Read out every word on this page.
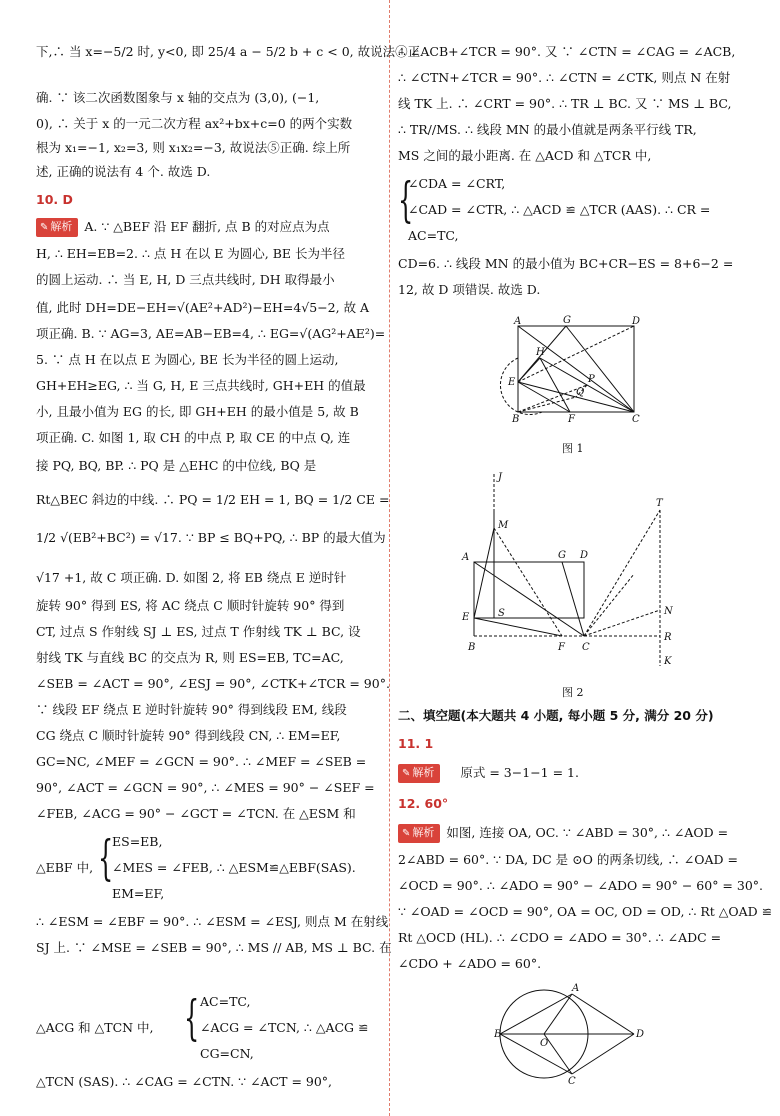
下,∴ 当 x=−5/2 时, y<0, 即 25/4 a − 5/2 b + c < 0, 故说法④正
确. ∵ 该二次函数图象与 x 轴的交点为 (3,0), (−1,
0), ∴ 关于 x 的一元二次方程 ax²+bx+c=0 的两个实数
根为 x₁=−1, x₂=3, 则 x₁x₂=−3, 故说法⑤正确. 综上所
述, 正确的说法有 4 个. 故选 D.
10. D
✎ 解析 A. ∵ △BEF 沿 EF 翻折, 点 B 的对应点为点
H, ∴ EH=EB=2. ∴ 点 H 在以 E 为圆心, BE 长为半径
的圆上运动. ∴ 当 E, H, D 三点共线时, DH 取得最小
值, 此时 DH=DE−EH=√(AE²+AD²)−EH=4√5−2, 故 A
项正确. B. ∵ AG=3, AE=AB−EB=4, ∴ EG=√(AG²+AE²)=
5. ∵ 点 H 在以点 E 为圆心, BE 长为半径的圆上运动,
GH+EH≥EG, ∴ 当 G, H, E 三点共线时, GH+EH 的值最
小, 且最小值为 EG 的长, 即 GH+EH 的最小值是 5, 故 B
项正确. C. 如图 1, 取 CH 的中点 P, 取 CE 的中点 Q, 连
接 PQ, BQ, BP. ∴ PQ 是 △EHC 的中位线, BQ 是
Rt△BEC 斜边的中线. ∴ PQ = 1/2 EH = 1, BQ = 1/2 CE =
1/2 √(EB²+BC²) = √17. ∵ BP ≤ BQ+PQ, ∴ BP 的最大值为
√17 +1, 故 C 项正确. D. 如图 2, 将 EB 绕点 E 逆时针
旋转 90° 得到 ES, 将 AC 绕点 C 顺时针旋转 90° 得到
CT, 过点 S 作射线 SJ ⊥ ES, 过点 T 作射线 TK ⊥ BC, 设
射线 TK 与直线 BC 的交点为 R, 则 ES=EB, TC=AC,
∠SEB = ∠ACT = 90°, ∠ESJ = 90°, ∠CTK+∠TCR = 90°.
∵ 线段 EF 绕点 E 逆时针旋转 90° 得到线段 EM, 线段
CG 绕点 C 顺时针旋转 90° 得到线段 CN, ∴ EM=EF,
GC=NC, ∠MEF = ∠GCN = 90°. ∴ ∠MEF = ∠SEB =
90°, ∠ACT = ∠GCN = 90°, ∴ ∠MES = 90° − ∠SEF =
∠FEB, ∠ACG = 90° − ∠GCT = ∠TCN. 在 △ESM 和
△EBF 中, {
ES=EB,
∠MES = ∠FEB, ∴ △ESM≌△EBF(SAS).
EM=EF,
∴ ∠ESM = ∠EBF = 90°. ∴ ∠ESM = ∠ESJ, 则点 M 在射线
SJ 上. ∵ ∠MSE = ∠SEB = 90°, ∴ MS // AB, MS ⊥ BC. 在
△ACG 和 △TCN 中, { AC=TC,
∠ACG = ∠TCN, ∴ △ACG ≌
CG=CN,
△TCN (SAS). ∴ ∠CAG = ∠CTN. ∵ ∠ACT = 90°,
∴ ∠ACB+∠TCR = 90°. 又 ∵ ∠CTN = ∠CAG = ∠ACB,
∴ ∠CTN+∠TCR = 90°. ∴ ∠CTN = ∠CTK, 则点 N 在射
线 TK 上. ∴ ∠CRT = 90°. ∴ TR ⊥ BC. 又 ∵ MS ⊥ BC,
∴ TR//MS. ∴ 线段 MN 的最小值就是两条平行线 TR,
MS 之间的最小距离. 在 △ACD 和 △TCR 中,
{
∠CDA = ∠CRT,
∠CAD = ∠CTR, ∴ △ACD ≌ △TCR (AAS). ∴ CR =
AC=TC,
CD=6. ∴ 线段 MN 的最小值为 BC+CR−ES = 8+6−2 =
12, 故 D 项错误. 故选 D.
A	G	D
H
E	P
Q
B	F	C
图 1
J
M
T
A	G D
E	S	N
B	F C
R
K
图 2
二、填空题(本大题共 4 小题, 每小题 5 分, 满分 20 分)
11. 1
✎ 解析 原式 = 3−1−1 = 1.
12. 60°
✎ 解析 如图, 连接 OA, OC. ∵ ∠ABD = 30°, ∴ ∠AOD =
2∠ABD = 60°. ∵ DA, DC 是 ⊙O 的两条切线, ∴ ∠OAD =
∠OCD = 90°. ∴ ∠ADO = 90° − ∠ADO = 90° − 60° = 30°.
∵ ∠OAD = ∠OCD = 90°, OA = OC, OD = OD, ∴ Rt △OAD ≌
Rt △OCD (HL). ∴ ∠CDO = ∠ADO = 30°. ∴ ∠ADC =
∠CDO + ∠ADO = 60°.
A
B
O
D
C
